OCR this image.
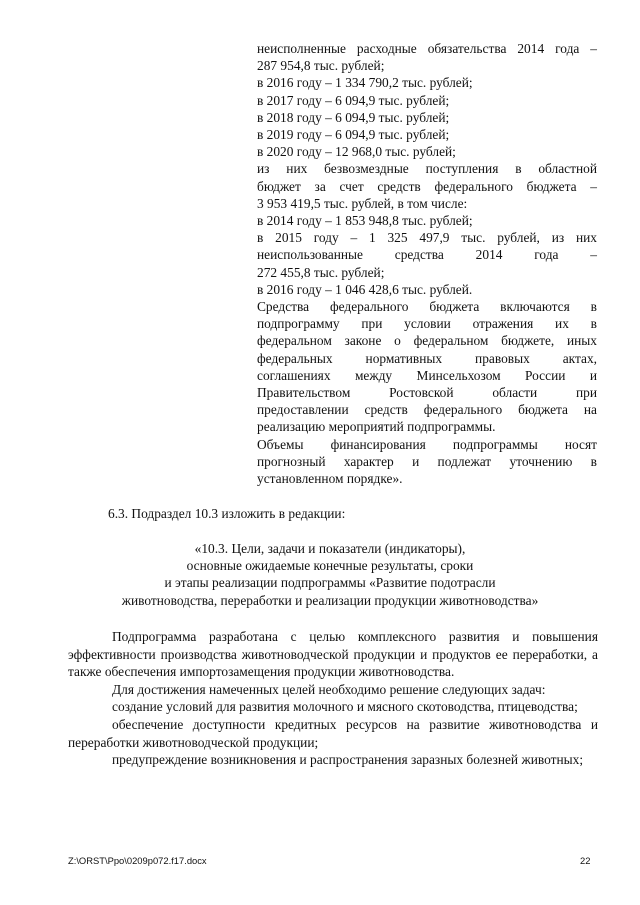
неисполненные расходные обязательства 2014 года –
287 954,8 тыс. рублей;
в 2016 году – 1 334 790,2 тыс. рублей;
в 2017 году – 6 094,9 тыс. рублей;
в 2018 году – 6 094,9 тыс. рублей;
в 2019 году – 6 094,9 тыс. рублей;
в 2020 году – 12 968,0 тыс. рублей;
из них безвозмездные поступления в областной
бюджет за счет средств федерального бюджета –
3 953 419,5 тыс. рублей, в том числе:
в 2014 году – 1 853 948,8 тыс. рублей;
в 2015 году – 1 325 497,9 тыс. рублей, из них
неиспользованные средства 2014 года –
272 455,8 тыс. рублей;
в 2016 году – 1 046 428,6 тыс. рублей.
Средства федерального бюджета включаются в
подпрограмму при условии отражения их в
федеральном законе о федеральном бюджете, иных
федеральных нормативных правовых актах,
соглашениях между Минсельхозом России и
Правительством Ростовской области при
предоставлении средств федерального бюджета на
реализацию мероприятий подпрограммы.
Объемы финансирования подпрограммы носят
прогнозный характер и подлежат уточнению в
установленном порядке».
6.3. Подраздел 10.3 изложить в редакции:
«10.3. Цели, задачи и показатели (индикаторы),
основные ожидаемые конечные результаты, сроки
и этапы реализации подпрограммы «Развитие подотрасли
животноводства, переработки и реализации продукции животноводства»

Подпрограмма разработана с целью комплексного развития и повышения эффективности производства животноводческой продукции и продуктов ее переработки, а также обеспечения импортозамещения продукции животноводства.

Для достижения намеченных целей необходимо решение следующих задач:

создание условий для развития молочного и мясного скотоводства, птицеводства;

обеспечение доступности кредитных ресурсов на развитие животноводства и переработки животноводческой продукции;

предупреждение возникновения и распространения заразных болезней животных;

Z:\ORST\Ppo\0209p072.f17.docx	22
